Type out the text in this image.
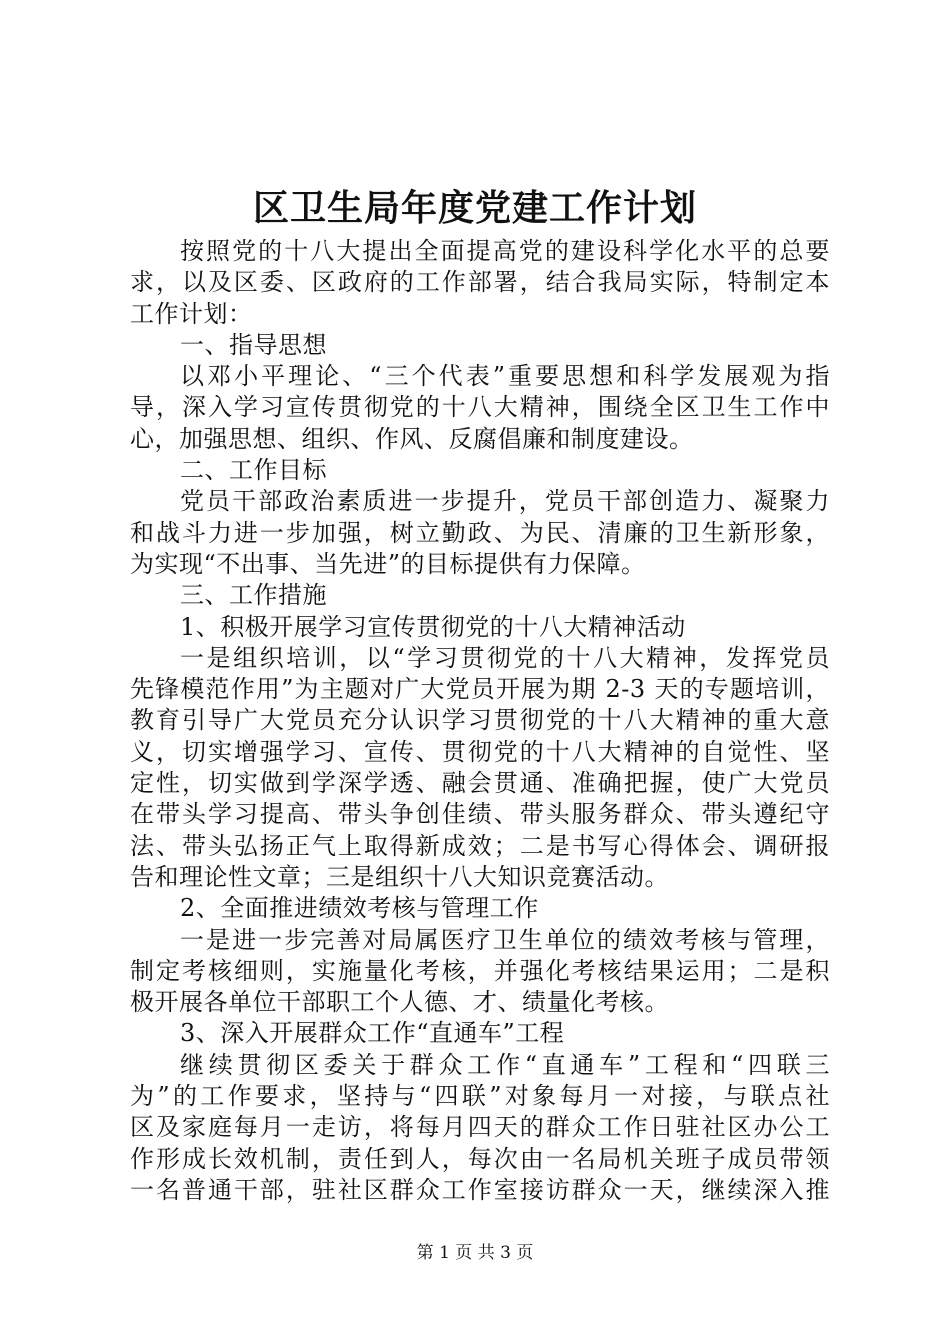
区卫生局年度党建工作计划
按照党的十八大提出全面提高党的建设科学化水平的总要
求，以及区委、区政府的工作部署，结合我局实际，特制定本
工作计划：
一、指导思想
以邓小平理论、“三个代表”重要思想和科学发展观为指
导，深入学习宣传贯彻党的十八大精神，围绕全区卫生工作中
心，加强思想、组织、作风、反腐倡廉和制度建设。
二、工作目标
党员干部政治素质进一步提升，党员干部创造力、凝聚力
和战斗力进一步加强，树立勤政、为民、清廉的卫生新形象，
为实现“不出事、当先进”的目标提供有力保障。
三、工作措施
1、积极开展学习宣传贯彻党的十八大精神活动
一是组织培训，以“学习贯彻党的十八大精神，发挥党员
先锋模范作用”为主题对广大党员开展为期 2-3 天的专题培训，
教育引导广大党员充分认识学习贯彻党的十八大精神的重大意
义，切实增强学习、宣传、贯彻党的十八大精神的自觉性、坚
定性，切实做到学深学透、融会贯通、准确把握，使广大党员
在带头学习提高、带头争创佳绩、带头服务群众、带头遵纪守
法、带头弘扬正气上取得新成效；二是书写心得体会、调研报
告和理论性文章；三是组织十八大知识竞赛活动。
2、全面推进绩效考核与管理工作
一是进一步完善对局属医疗卫生单位的绩效考核与管理，
制定考核细则，实施量化考核，并强化考核结果运用；二是积
极开展各单位干部职工个人德、才、绩量化考核。
3、深入开展群众工作“直通车”工程
继续贯彻区委关于群众工作“直通车”工程和“四联三
为”的工作要求，坚持与“四联”对象每月一对接，与联点社
区及家庭每月一走访，将每月四天的群众工作日驻社区办公工
作形成长效机制，责任到人，每次由一名局机关班子成员带领
一名普通干部，驻社区群众工作室接访群众一天，继续深入推
第 1 页 共 3 页
